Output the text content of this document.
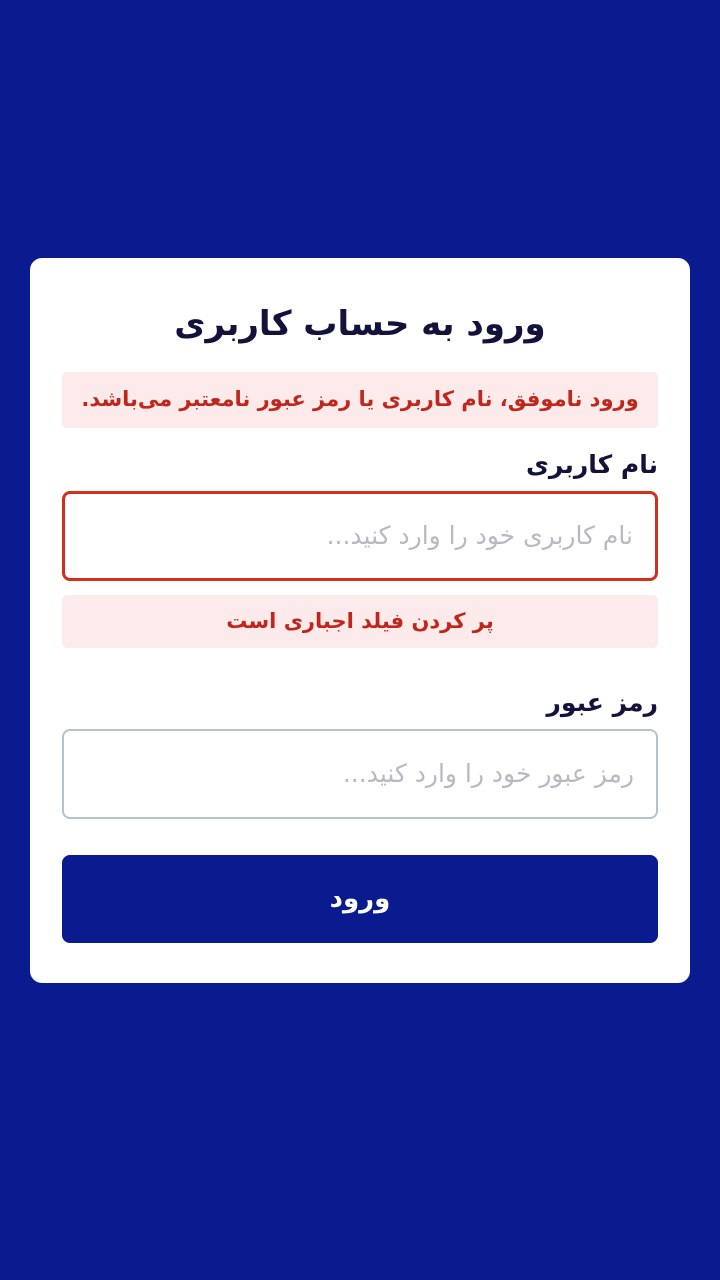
ورود به حساب کاربری
ورود ناموفق، نام کاربری یا رمز عبور نامعتبر می‌باشد.
نام کاربری
نام کاربری خود را وارد کنید...
پر کردن فیلد اجباری است
رمز عبور
ورود
